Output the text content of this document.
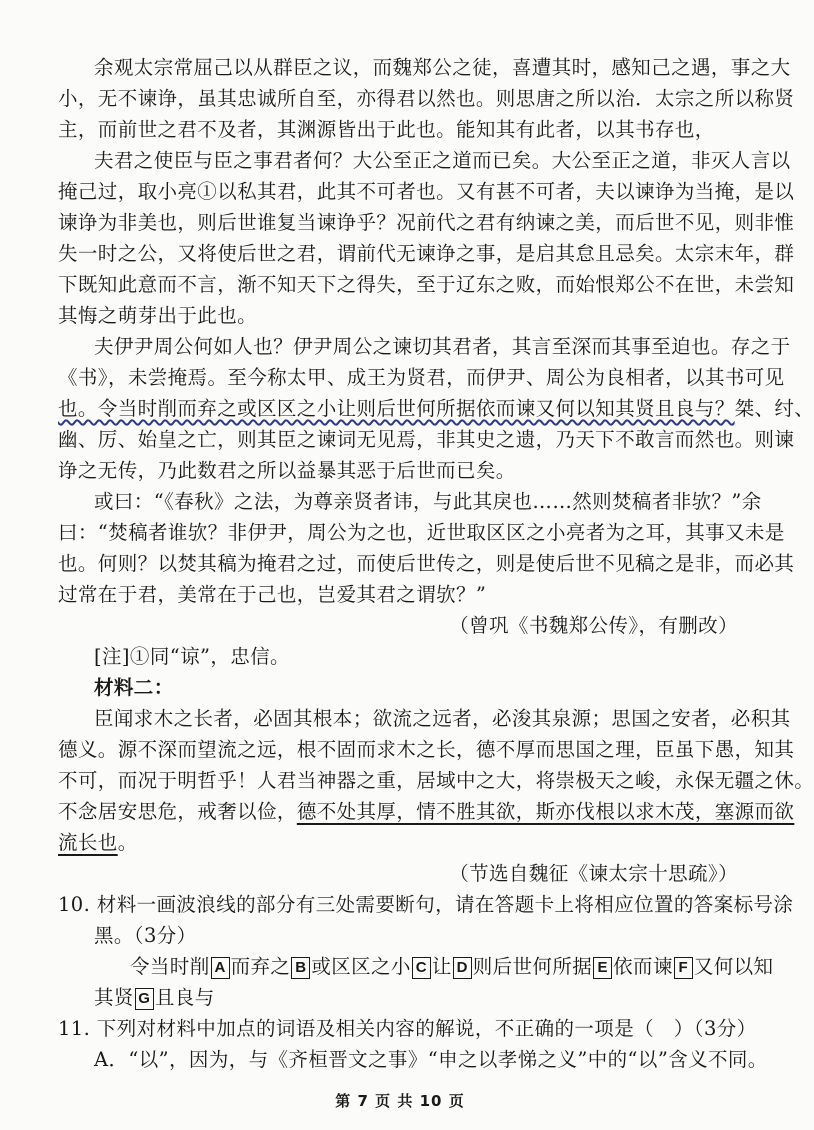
余观太宗常屈己以从群臣之议，而魏郑公之徒，喜遭其时，感知己之遇，事之大
小，无不谏诤，虽其忠诚所自至，亦得君以然也。则思唐之所以治．太宗之所以称贤
主，而前世之君不及者，其渊源皆出于此也。能知其有此者，以其书存也，
夫君之使臣与臣之事君者何？大公至正之道而已矣。大公至正之道，非灭人言以
掩己过，取小亮①以私其君，此其不可者也。又有甚不可者，夫以谏诤为当掩，是以
谏诤为非美也，则后世谁复当谏诤乎？况前代之君有纳谏之美，而后世不见，则非惟
失一时之公，又将使后世之君，谓前代无谏诤之事，是启其怠且忌矣。太宗末年，群
下既知此意而不言，渐不知天下之得失，至于辽东之败，而始恨郑公不在世，未尝知
其悔之萌芽出于此也。
夫伊尹周公何如人也？伊尹周公之谏切其君者，其言至深而其事至迫也。存之于
《书》，未尝掩焉。至今称太甲、成王为贤君，而伊尹、周公为良相者，以其书可见
也。令当时削而弃之或区区之小让则后世何所据依而谏又何以知其贤且良与？桀、纣、
幽、厉、始皇之亡，则其臣之谏词无见焉，非其史之遗，乃天下不敢言而然也。则谏
诤之无传，乃此数君之所以益暴其恶于后世而已矣。
或曰：“《春秋》之法，为尊亲贤者讳，与此其戾也……然则焚稿者非欤？”余
曰：“焚稿者谁欤？非伊尹，周公为之也，近世取区区之小亮者为之耳，其事又未是
也。何则？以焚其稿为掩君之过，而使后世传之，则是使后世不见稿之是非，而必其
过常在于君，美常在于己也，岂爱其君之谓欤？”
（曾巩《书魏郑公传》，有删改）
[注]①同“谅”，忠信。
材料二：
臣闻求木之长者，必固其根本；欲流之远者，必浚其泉源；思国之安者，必积其
德义。源不深而望流之远，根不固而求木之长，德不厚而思国之理，臣虽下愚，知其
不可，而况于明哲乎！人君当神器之重，居域中之大，将崇极天之峻，永保无疆之休。
不念居安思危，戒奢以俭，德不处其厚，情不胜其欲，斯亦伐根以求木茂，塞源而欲
流长也。
（节选自魏征《谏太宗十思疏》）
10. 材料一画波浪线的部分有三处需要断句，请在答题卡上将相应位置的答案标号涂
黑。（3分）
令当时削 A 而弃之 B 或区区之小 C 让 D 则后世何所据 E 依而谏 F 又何以知
其贤 G 且良与
11. 下列对材料中加点的词语及相关内容的解说，不正确的一项是（　）（3分）
A．“以”，因为，与《齐桓晋文之事》“申之以孝悌之义”中的“以”含义不同。
第 7 页 共 10 页
